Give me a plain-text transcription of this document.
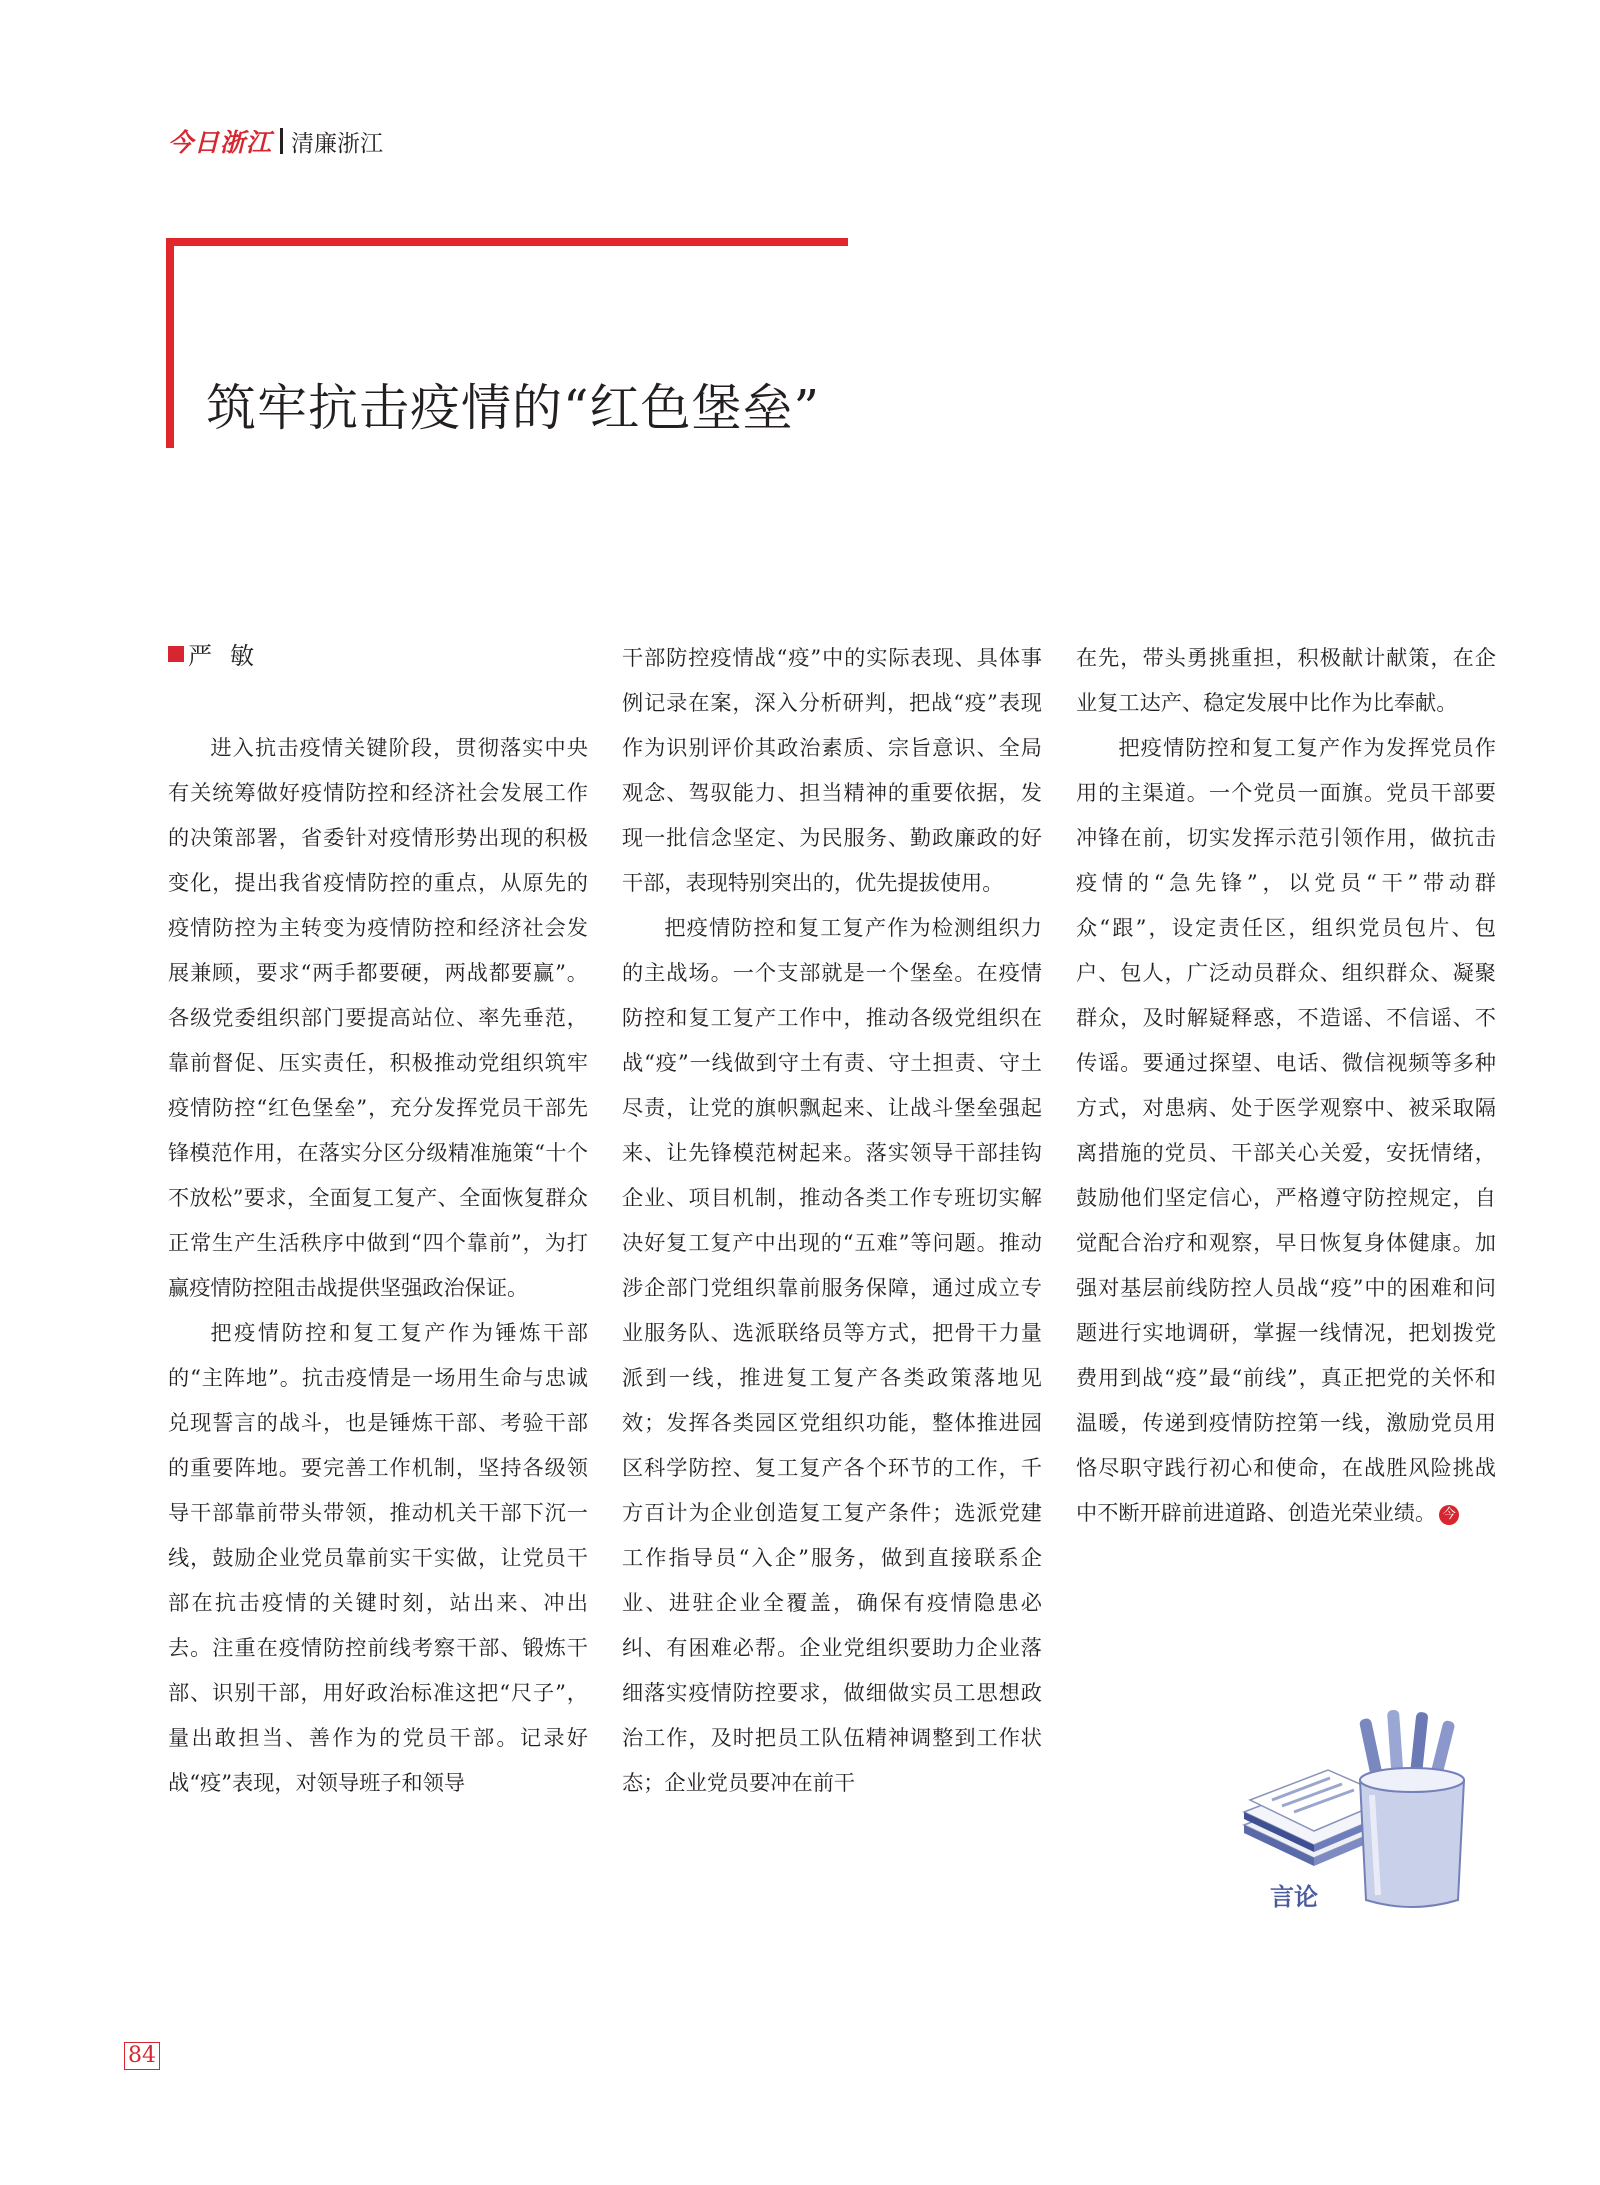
今日浙江 清廉浙江
筑牢抗击疫情的“红色堡垒”
严敏

进入抗击疫情关键阶段，贯彻落实中央有关统筹做好疫情防控和经济社会发展工作的决策部署，省委针对疫情形势出现的积极变化，提出我省疫情防控的重点，从原先的疫情防控为主转变为疫情防控和经济社会发展兼顾，要求“两手都要硬，两战都要赢”。各级党委组织部门要提高站位、率先垂范，靠前督促、压实责任，积极推动党组织筑牢疫情防控“红色堡垒”，充分发挥党员干部先锋模范作用，在落实分区分级精准施策“十个不放松”要求，全面复工复产、全面恢复群众正常生产生活秩序中做到“四个靠前”，为打赢疫情防控阻击战提供坚强政治保证。

把疫情防控和复工复产作为锤炼干部的“主阵地”。抗击疫情是一场用生命与忠诚兑现誓言的战斗，也是锤炼干部、考验干部的重要阵地。要完善工作机制，坚持各级领导干部靠前带头带领，推动机关干部下沉一线，鼓励企业党员靠前实干实做，让党员干部在抗击疫情的关键时刻，站出来、冲出去。注重在疫情防控前线考察干部、锻炼干部、识别干部，用好政治标准这把“尺子”，量出敢担当、善作为的党员干部。记录好战“疫”表现，对领导班子和领导

干部防控疫情战“疫”中的实际表现、具体事例记录在案，深入分析研判，把战“疫”表现作为识别评价其政治素质、宗旨意识、全局观念、驾驭能力、担当精神的重要依据，发现一批信念坚定、为民服务、勤政廉政的好干部，表现特别突出的，优先提拔使用。

把疫情防控和复工复产作为检测组织力的主战场。一个支部就是一个堡垒。在疫情防控和复工复产工作中，推动各级党组织在战“疫”一线做到守土有责、守土担责、守土尽责，让党的旗帜飘起来、让战斗堡垒强起来、让先锋模范树起来。落实领导干部挂钩企业、项目机制，推动各类工作专班切实解决好复工复产中出现的“五难”等问题。推动涉企部门党组织靠前服务保障，通过成立专业服务队、选派联络员等方式，把骨干力量派到一线，推进复工复产各类政策落地见效；发挥各类园区党组织功能，整体推进园区科学防控、复工复产各个环节的工作，千方百计为企业创造复工复产条件；选派党建工作指导员“入企”服务，做到直接联系企业、进驻企业全覆盖，确保有疫情隐患必纠、有困难必帮。企业党组织要助力企业落细落实疫情防控要求，做细做实员工思想政治工作，及时把员工队伍精神调整到工作状态；企业党员要冲在前干

在先，带头勇挑重担，积极献计献策，在企业复工达产、稳定发展中比作为比奉献。

把疫情防控和复工复产作为发挥党员作用的主渠道。一个党员一面旗。党员干部要冲锋在前，切实发挥示范引领作用，做抗击疫情的“急先锋”，以党员“干”带动群众“跟”，设定责任区，组织党员包片、包户、包人，广泛动员群众、组织群众、凝聚群众，及时解疑释惑，不造谣、不信谣、不传谣。要通过探望、电话、微信视频等多种方式，对患病、处于医学观察中、被采取隔离措施的党员、干部关心关爱，安抚情绪，鼓励他们坚定信心，严格遵守防控规定，自觉配合治疗和观察，早日恢复身体健康。加强对基层前线防控人员战“疫”中的困难和问题进行实地调研，掌握一线情况，把划拨党费用到战“疫”最“前线”，真正把党的关怀和温暖，传递到疫情防控第一线，激励党员用恪尽职守践行初心和使命，在战胜风险挑战中不断开辟前进道路、创造光荣业绩。 今

言论
84
